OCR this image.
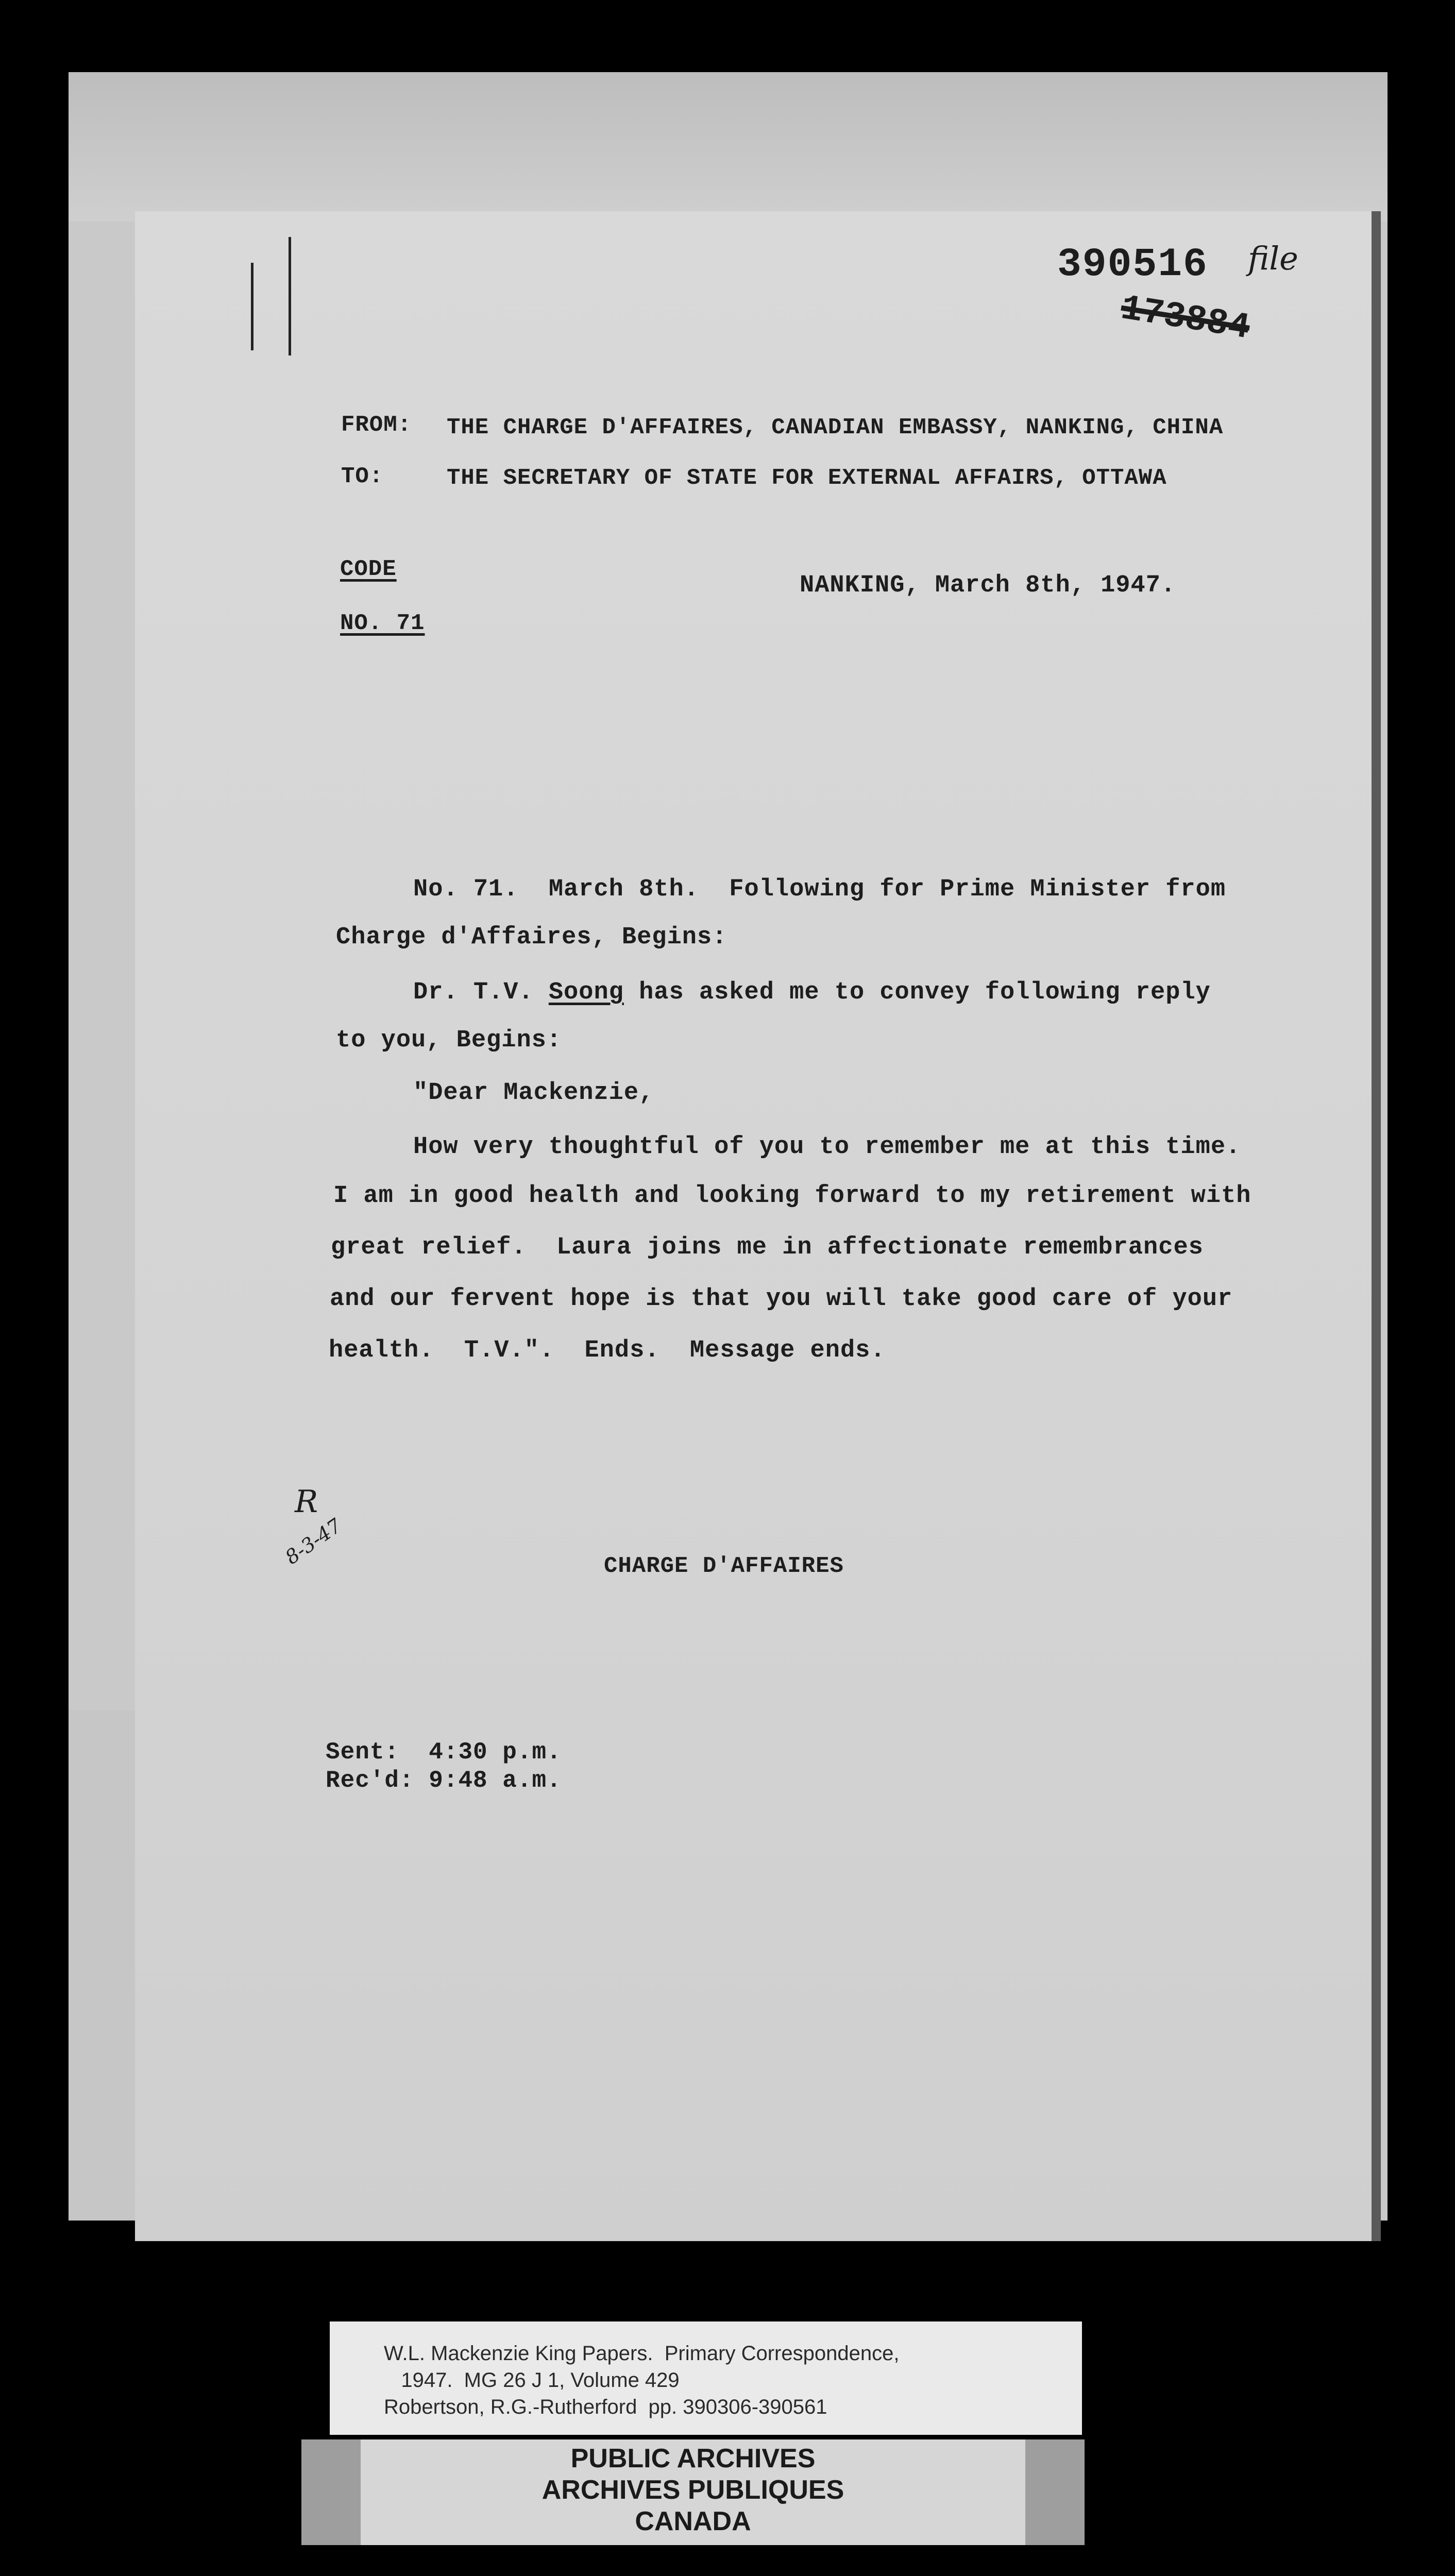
390516 file
173884
FROM: THE CHARGE D'AFFAIRES, CANADIAN EMBASSY, NANKING, CHINA
TO:	THE SECRETARY OF STATE FOR EXTERNAL AFFAIRS, OTTAWA
CODE
NO. 71
NANKING, March 8th, 1947.
No. 71.  March 8th.  Following for Prime Minister from
Charge d'Affaires, Begins:
Dr. T.V. Soong has asked me to convey following reply
to you, Begins:
"Dear Mackenzie,
How very thoughtful of you to remember me at this time.
I am in good health and looking forward to my retirement with
great relief.  Laura joins me in affectionate remembrances
and our fervent hope is that you will take good care of your
health.  T.V.".  Ends.  Message ends.
R
8-3-47	CHARGE D'AFFAIRES
Sent:  4:30 p.m.
Rec'd: 9:48 a.m.
W.L. Mackenzie King Papers.  Primary Correspondence,
1947.  MG 26 J 1, Volume 429
Robertson, R.G.-Rutherford  pp. 390306-390561
PUBLIC ARCHIVES
ARCHIVES PUBLIQUES
CANADA
